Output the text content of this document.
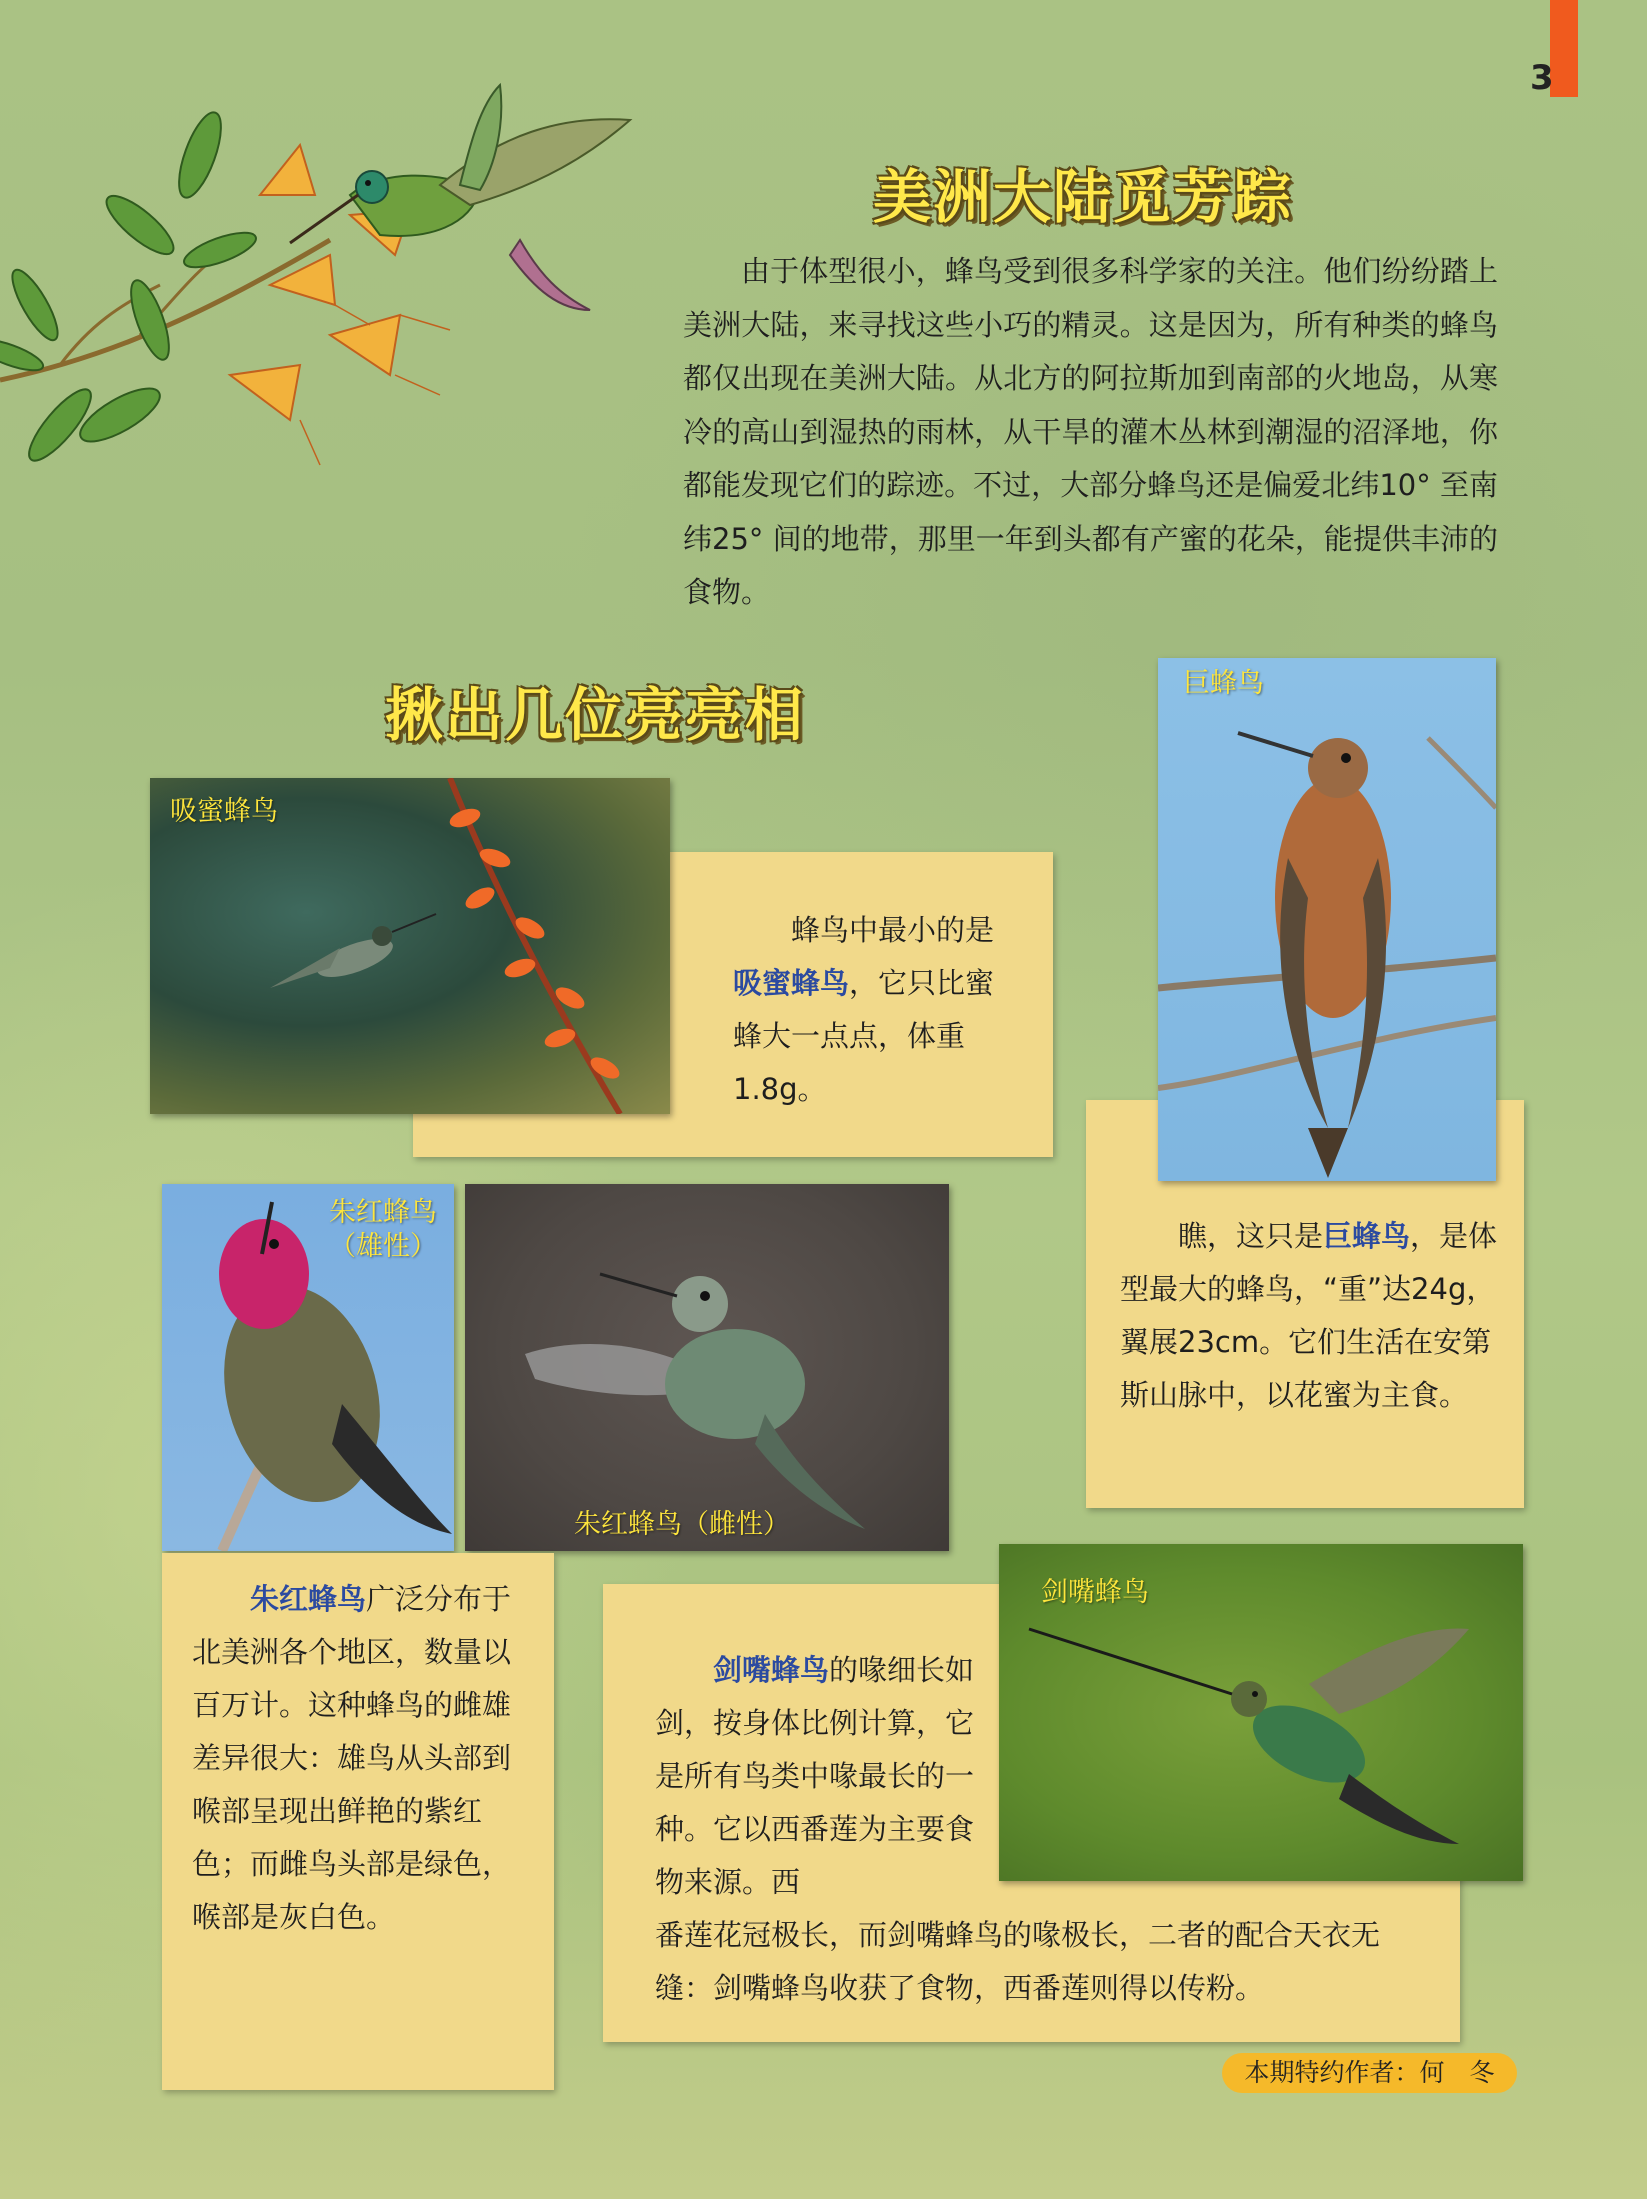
3
美洲大陆觅芳踪
由于体型很小，蜂鸟受到很多科学家的关注。他们纷纷踏上美洲大陆，来寻找这些小巧的精灵。这是因为，所有种类的蜂鸟都仅出现在美洲大陆。从北方的阿拉斯加到南部的火地岛，从寒冷的高山到湿热的雨林，从干旱的灌木丛林到潮湿的沼泽地，你都能发现它们的踪迹。不过，大部分蜂鸟还是偏爱北纬10° 至南纬25° 间的地带，那里一年到头都有产蜜的花朵，能提供丰沛的食物。
揪出几位亮亮相
蜂鸟中最小的是吸蜜蜂鸟，它只比蜜蜂大一点点，体重1.8g。
吸蜜蜂鸟
瞧，这只是巨蜂鸟，是体型最大的蜂鸟，“重”达24g，翼展23cm。它们生活在安第斯山脉中，以花蜜为主食。
巨蜂鸟
朱红蜂鸟
（雄性）
朱红蜂鸟（雌性）
朱红蜂鸟广泛分布于北美洲各个地区，数量以百万计。这种蜂鸟的雌雄差异很大：雄鸟从头部到喉部呈现出鲜艳的紫红色；而雌鸟头部是绿色，喉部是灰白色。
剑嘴蜂鸟的喙细长如剑，按身体比例计算，它是所有鸟类中喙最长的一种。它以西番莲为主要食物来源。西
番莲花冠极长，而剑嘴蜂鸟的喙极长，二者的配合天衣无缝：剑嘴蜂鸟收获了食物，西番莲则得以传粉。
剑嘴蜂鸟
本期特约作者：何　冬
